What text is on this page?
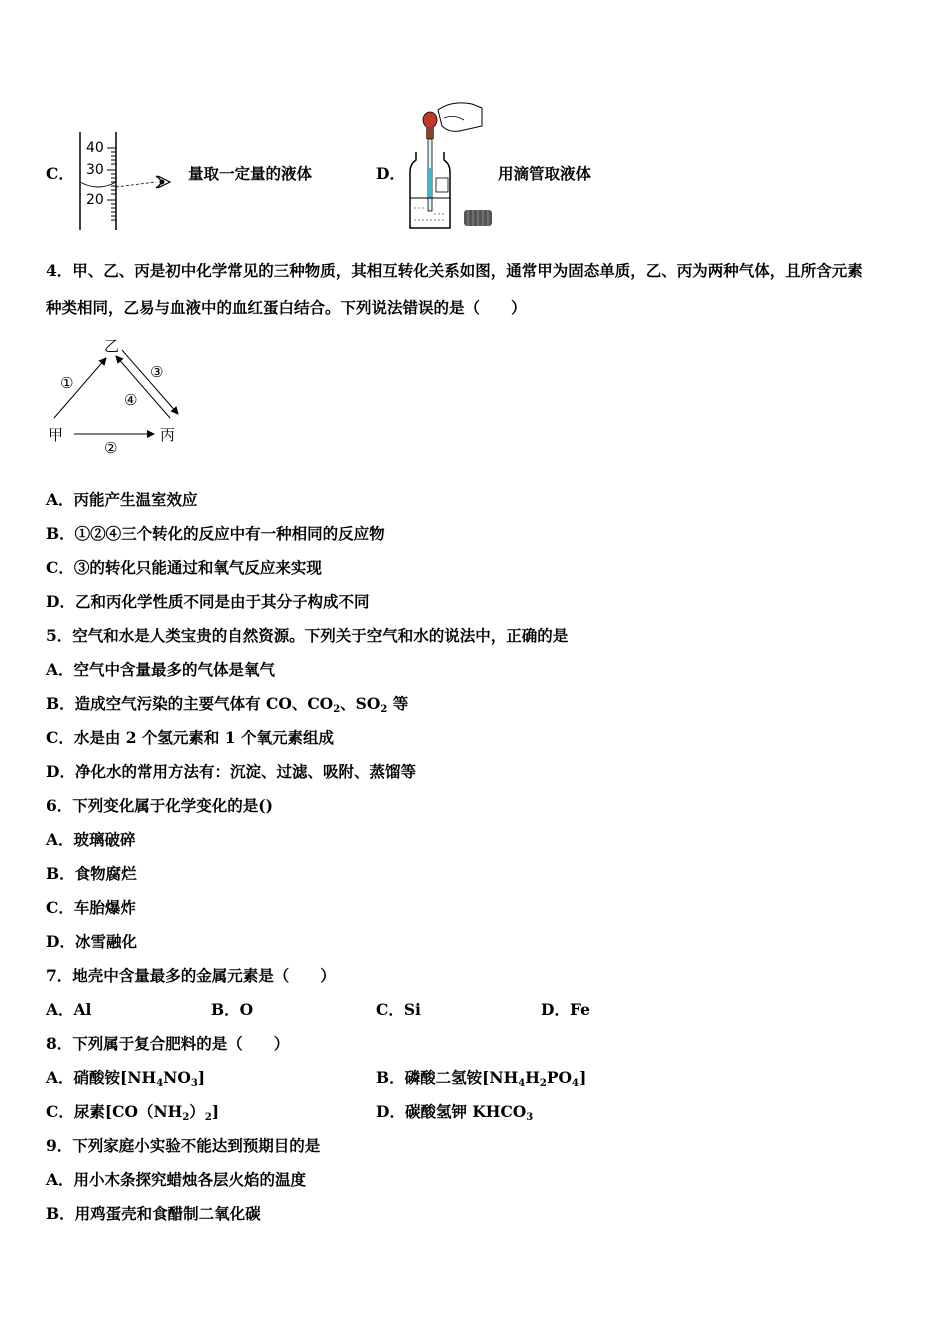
C．
40
30
20
量取一定量的液体	D．	用滴管取液体
4．甲、乙、丙是初中化学常见的三种物质，其相互转化关系如图，通常甲为固态单质，乙、丙为两种气体，且所含元素
种类相同，乙易与血液中的血红蛋白结合。下列说法错误的是（　　）
甲
乙
丙
①
②
③
④
A．丙能产生温室效应
B．①②④三个转化的反应中有一种相同的反应物
C．③的转化只能通过和氧气反应来实现
D．乙和丙化学性质不同是由于其分子构成不同
5．空气和水是人类宝贵的自然资源。下列关于空气和水的说法中，正确的是
A．空气中含量最多的气体是氧气
B．造成空气污染的主要气体有 CO、$CO_2$、$SO_2$ 等
C．水是由 2 个氢元素和 1 个氧元素组成
D．净化水的常用方法有：沉淀、过滤、吸附、蒸馏等
6．下列变化属于化学变化的是()
A．玻璃破碎
B．食物腐烂
C．车胎爆炸
D．冰雪融化
7．地壳中含量最多的金属元素是（　　）
A．Al	B．O	C．Si	D．Fe
8．下列属于复合肥料的是（　　）
A．硝酸铵$[NH_4NO_3]$	B．磷酸二氢铵$[NH_4H_2PO_4]$
C．尿素$[CO(NH_2)_2]$	D．碳酸氢钾 $KHCO_3$
9．下列家庭小实验不能达到预期目的是
A．用小木条探究蜡烛各层火焰的温度
B．用鸡蛋壳和食醋制二氧化碳
